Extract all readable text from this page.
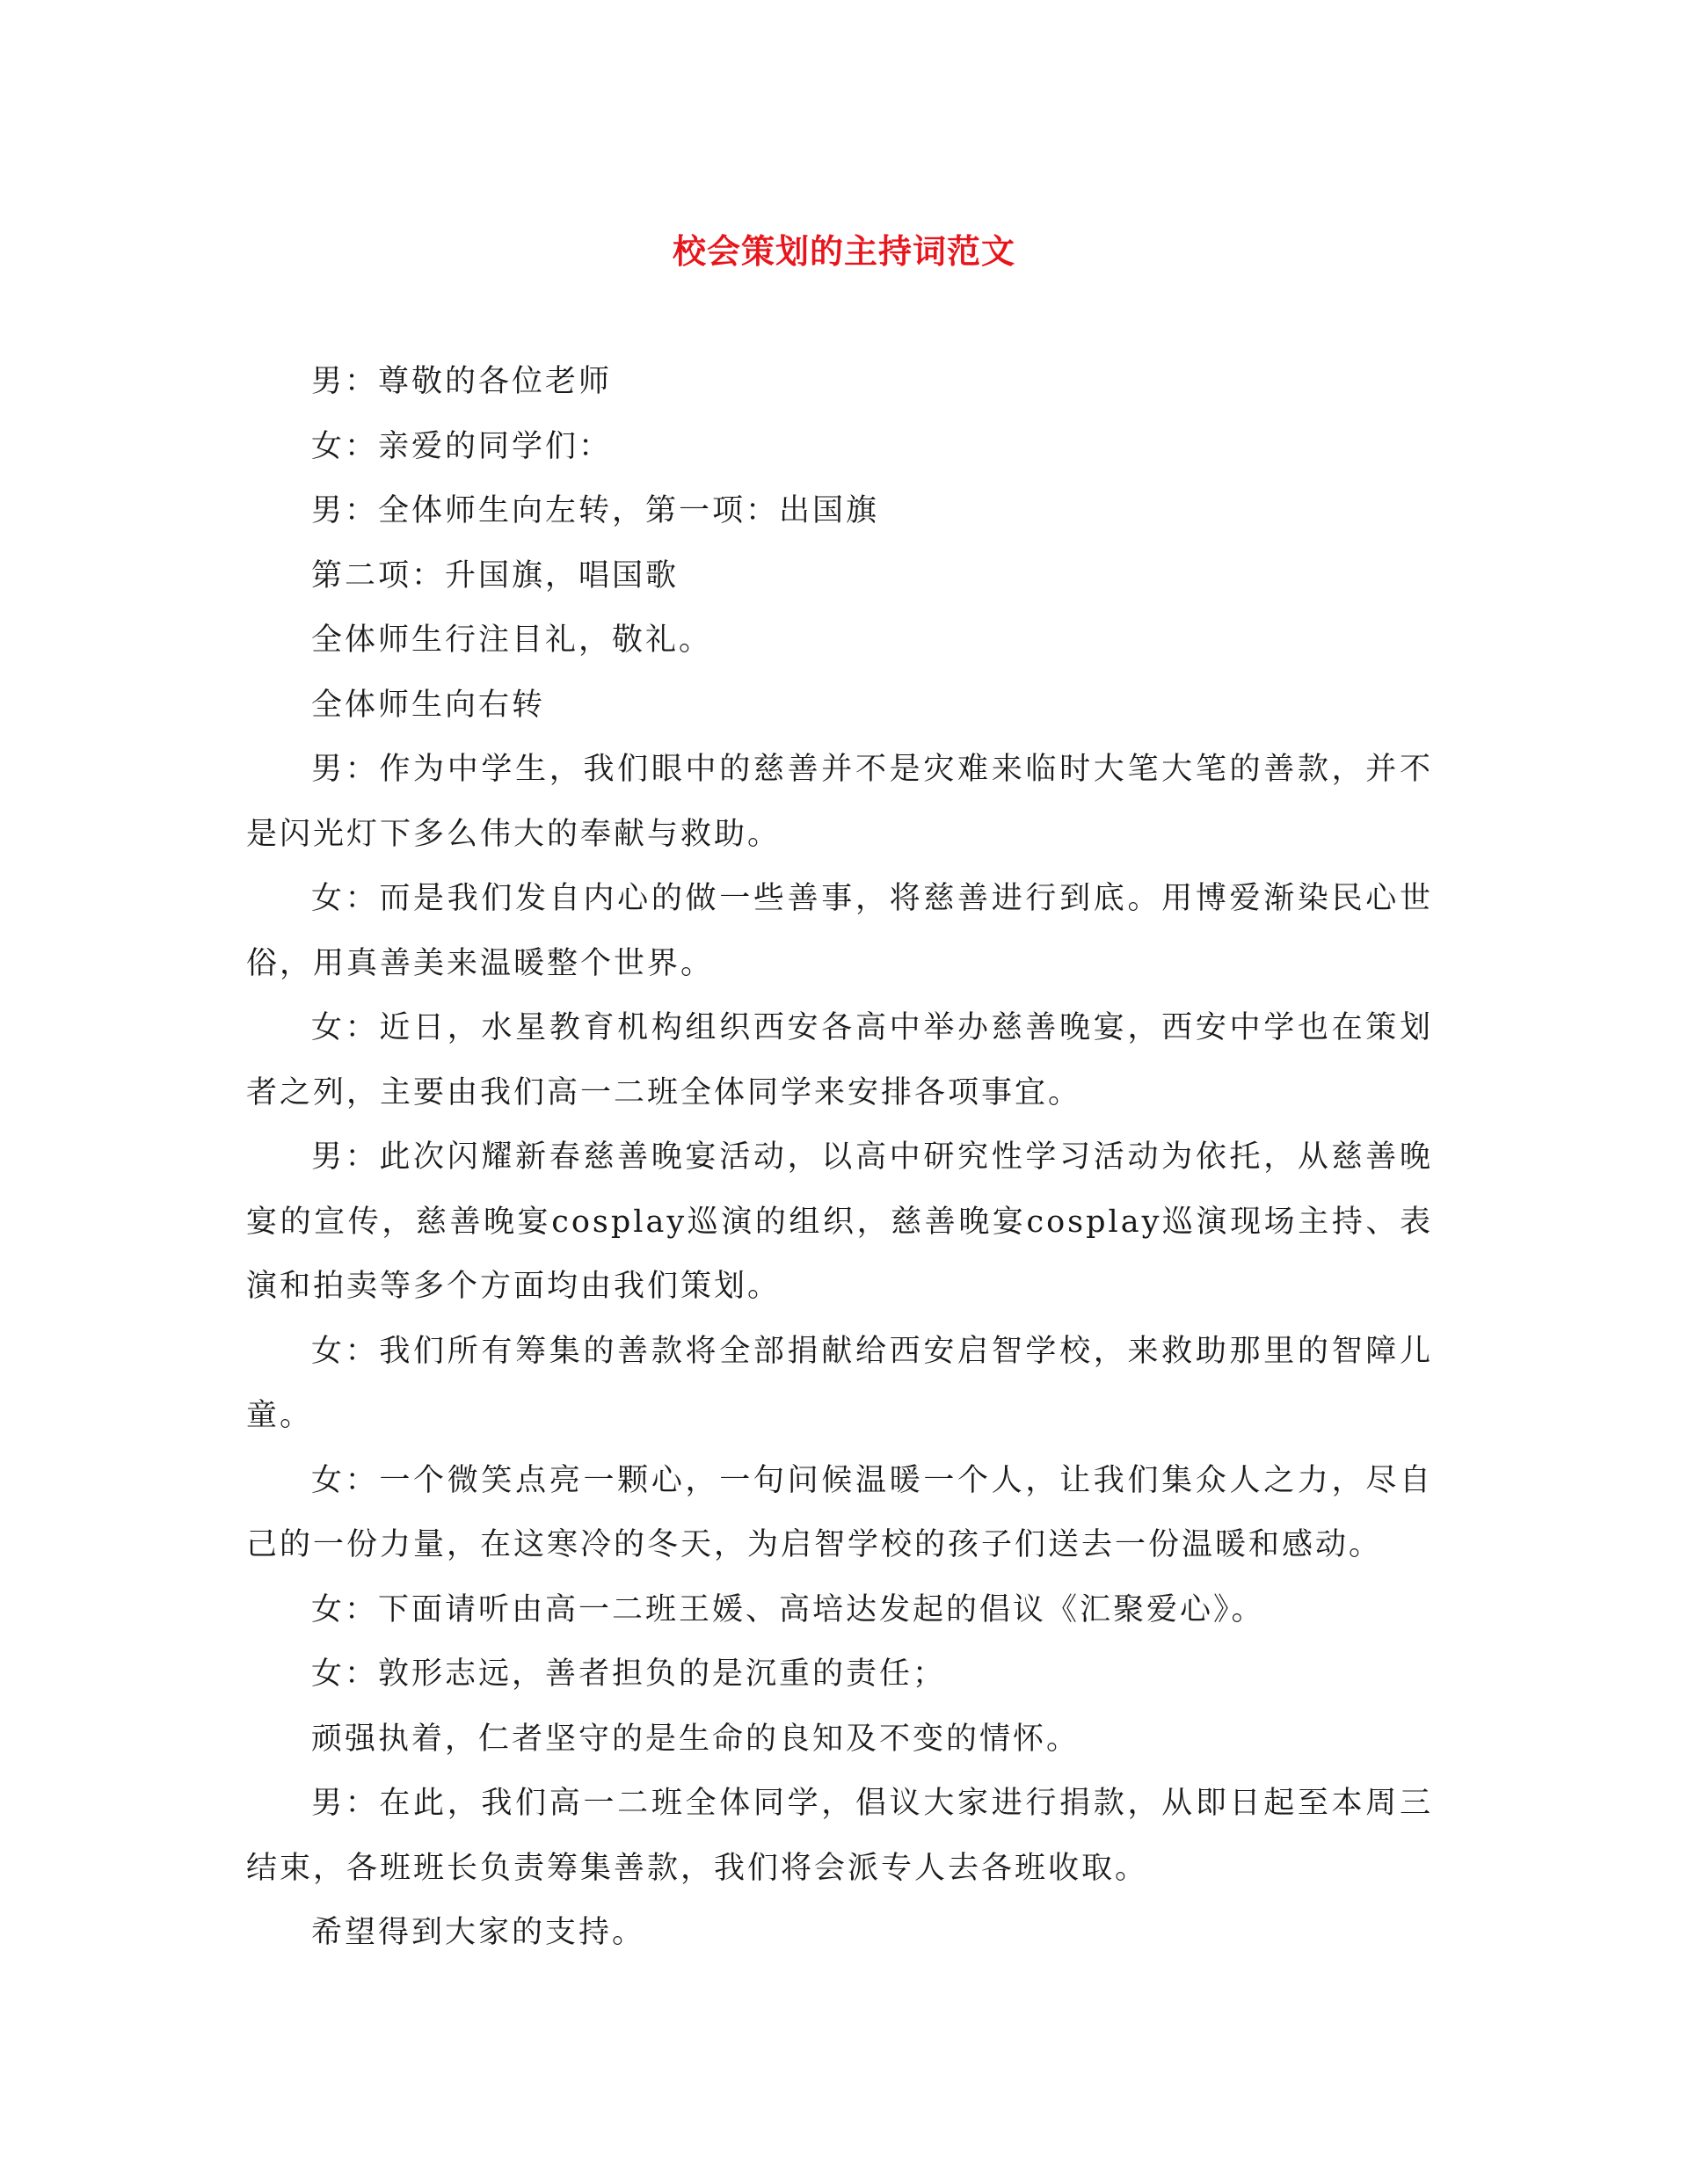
校会策划的主持词范文

男：尊敬的各位老师

女：亲爱的同学们：

男：全体师生向左转，第一项：出国旗

第二项：升国旗，唱国歌

全体师生行注目礼，敬礼。

全体师生向右转

男：作为中学生，我们眼中的慈善并不是灾难来临时大笔大笔的善款，并不是闪光灯下多么伟大的奉献与救助。

女：而是我们发自内心的做一些善事，将慈善进行到底。用博爱渐染民心世俗，用真善美来温暖整个世界。

女：近日，水星教育机构组织西安各高中举办慈善晚宴，西安中学也在策划者之列，主要由我们高一二班全体同学来安排各项事宜。

男：此次闪耀新春慈善晚宴活动，以高中研究性学习活动为依托，从慈善晚宴的宣传，慈善晚宴cosplay巡演的组织，慈善晚宴cosplay巡演现场主持、表演和拍卖等多个方面均由我们策划。

女：我们所有筹集的善款将全部捐献给西安启智学校，来救助那里的智障儿童。

女：一个微笑点亮一颗心，一句问候温暖一个人，让我们集众人之力，尽自己的一份力量，在这寒冷的冬天，为启智学校的孩子们送去一份温暖和感动。

女：下面请听由高一二班王媛、高培达发起的倡议《汇聚爱心》。

女：敦形志远，善者担负的是沉重的责任；

顽强执着，仁者坚守的是生命的良知及不变的情怀。

男：在此，我们高一二班全体同学，倡议大家进行捐款，从即日起至本周三结束，各班班长负责筹集善款，我们将会派专人去各班收取。

希望得到大家的支持。
